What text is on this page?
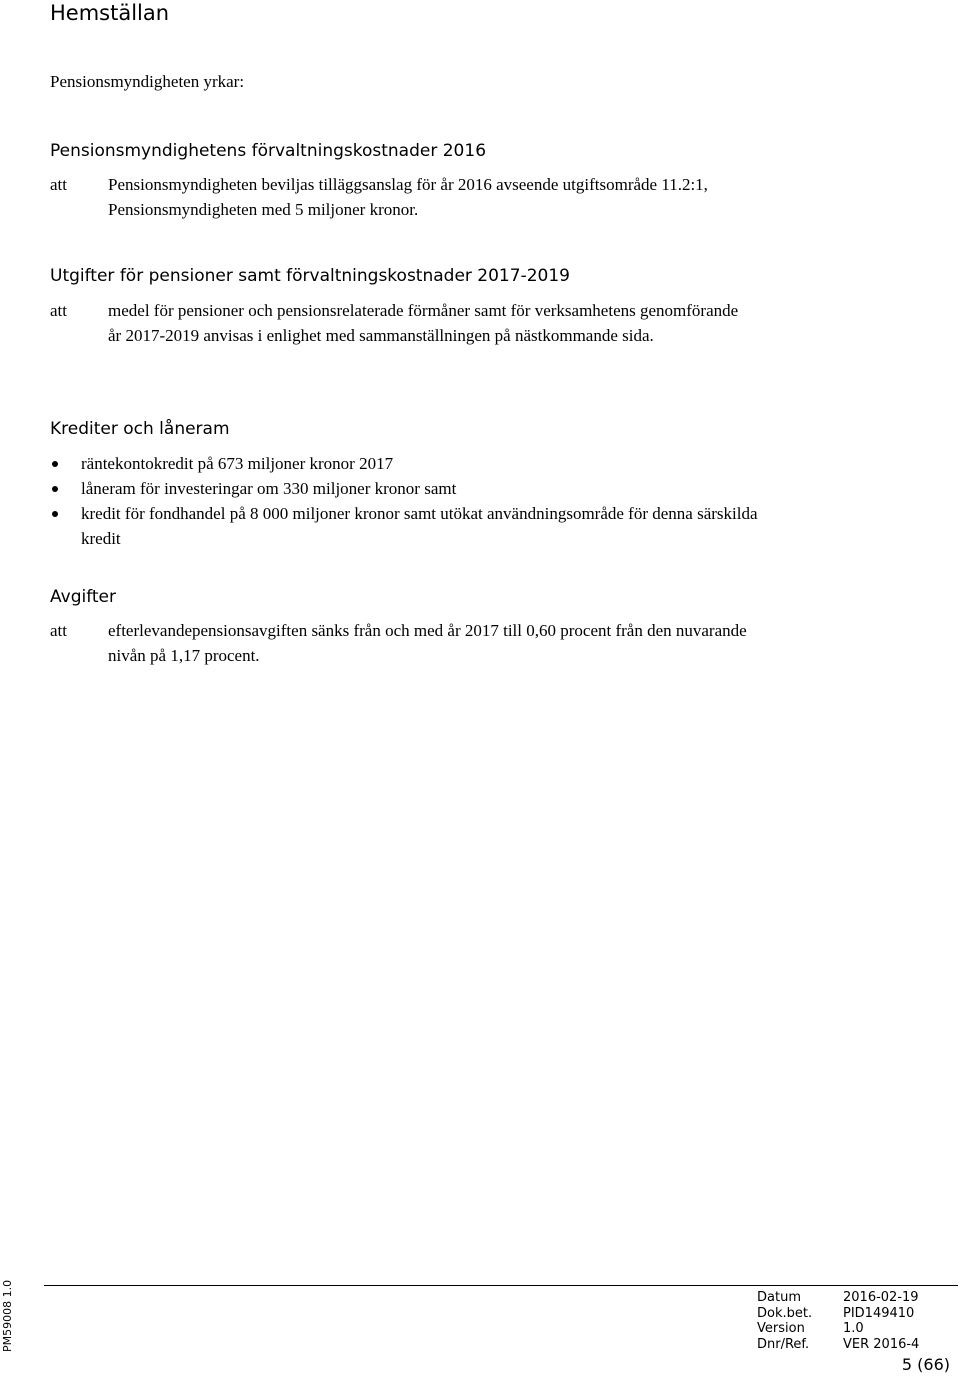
Hemställan
Pensionsmyndigheten yrkar:
Pensionsmyndighetens förvaltningskostnader 2016
att Pensionsmyndigheten beviljas tilläggsanslag för år 2016 avseende utgiftsområde 11.2:1, Pensionsmyndigheten med 5 miljoner kronor.
Utgifter för pensioner samt förvaltningskostnader 2017-2019
att medel för pensioner och pensionsrelaterade förmåner samt för verksamhetens genomförande år 2017-2019 anvisas i enlighet med sammanställningen på nästkommande sida.
Krediter och låneram
räntekontokredit på 673 miljoner kronor 2017
låneram för investeringar om 330 miljoner kronor samt
kredit för fondhandel på 8 000 miljoner kronor samt utökat användningsområde för denna särskilda kredit
Avgifter
att efterlevandepensionsavgiften sänks från och med år 2017 till 0,60 procent från den nuvarande nivån på 1,17 procent.
PM59008 1.0	Datum	2016-02-19
Dok.bet.	PID149410
Version	1.0
Dnr/Ref.	VER 2016-4
5 (66)
